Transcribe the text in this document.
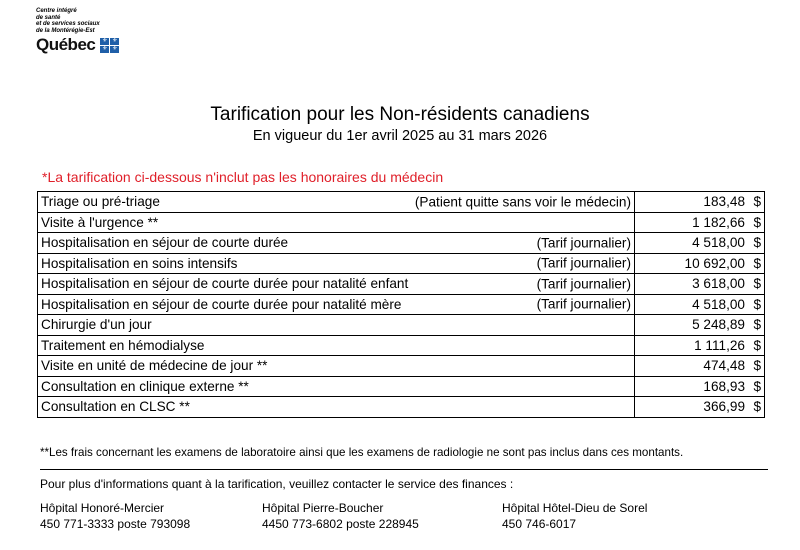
Centre intégré
de santé
et de services sociaux
de la Montérégie-Est
Québec ⚜ ⚜
⚜ ⚜
Tarification pour les Non-résidents canadiens
En vigueur du 1er avril 2025 au 31 mars 2026
*La tarification ci-dessous n'inclut pas les honoraires du médecin
Triage ou pré-triage (Patient quitte sans voir le médecin)	183,48 $
Visite à l'urgence **	1 182,66 $
Hospitalisation en séjour de courte durée (Tarif journalier)	4 518,00 $
Hospitalisation en soins intensifs (Tarif journalier)	10 692,00 $
Hospitalisation en séjour de courte durée pour natalité enfant (Tarif journalier)	3 618,00 $
Hospitalisation en séjour de courte durée pour natalité mère (Tarif journalier)	4 518,00 $
Chirurgie d'un jour	5 248,89 $
Traitement en hémodialyse	1 111,26 $
Visite en unité de médecine de jour **	474,48 $
Consultation en clinique externe **	168,93 $
Consultation en CLSC **	366,99 $
**Les frais concernant les examens de laboratoire ainsi que les examens de radiologie ne sont pas inclus dans ces montants.
Pour plus d'informations quant à la tarification, veuillez contacter le service des finances :
Hôpital Honoré-Mercier
450 771-3333 poste 793098
Hôpital Pierre-Boucher
4450 773-6802 poste 228945
Hôpital Hôtel-Dieu de Sorel
450 746-6017
